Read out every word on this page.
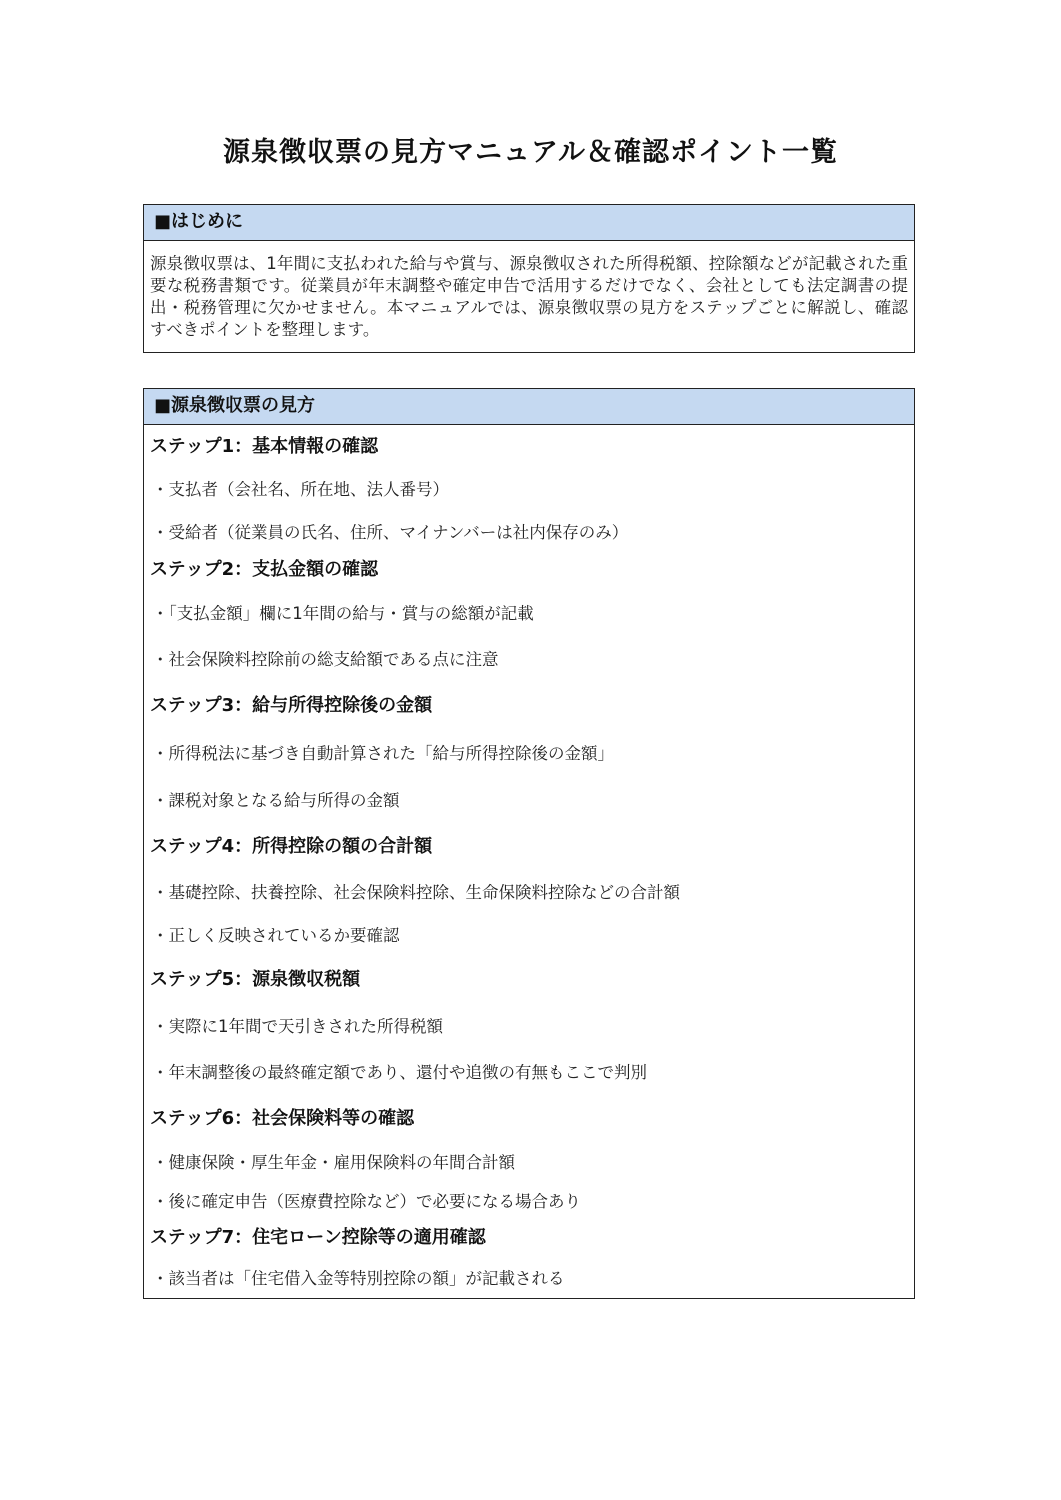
源泉徴収票の見方マニュアル＆確認ポイント一覧
■はじめに
源泉徴収票は、1年間に支払われた給与や賞与、源泉徴収された所得税額、控除額などが記載された重要な税務書類です。従業員が年末調整や確定申告で活用するだけでなく、会社としても法定調書の提出・税務管理に欠かせません。本マニュアルでは、源泉徴収票の見方をステップごとに解説し、確認すべきポイントを整理します。
■源泉徴収票の見方
ステップ1：基本情報の確認
・支払者（会社名、所在地、法人番号）
・受給者（従業員の氏名、住所、マイナンバーは社内保存のみ）
ステップ2：支払金額の確認
・「支払金額」欄に1年間の給与・賞与の総額が記載
・社会保険料控除前の総支給額である点に注意
ステップ3：給与所得控除後の金額
・所得税法に基づき自動計算された「給与所得控除後の金額」
・課税対象となる給与所得の金額
ステップ4：所得控除の額の合計額
・基礎控除、扶養控除、社会保険料控除、生命保険料控除などの合計額
・正しく反映されているか要確認
ステップ5：源泉徴収税額
・実際に1年間で天引きされた所得税額
・年末調整後の最終確定額であり、還付や追徴の有無もここで判別
ステップ6：社会保険料等の確認
・健康保険・厚生年金・雇用保険料の年間合計額
・後に確定申告（医療費控除など）で必要になる場合あり
ステップ7：住宅ローン控除等の適用確認
・該当者は「住宅借入金等特別控除の額」が記載される
